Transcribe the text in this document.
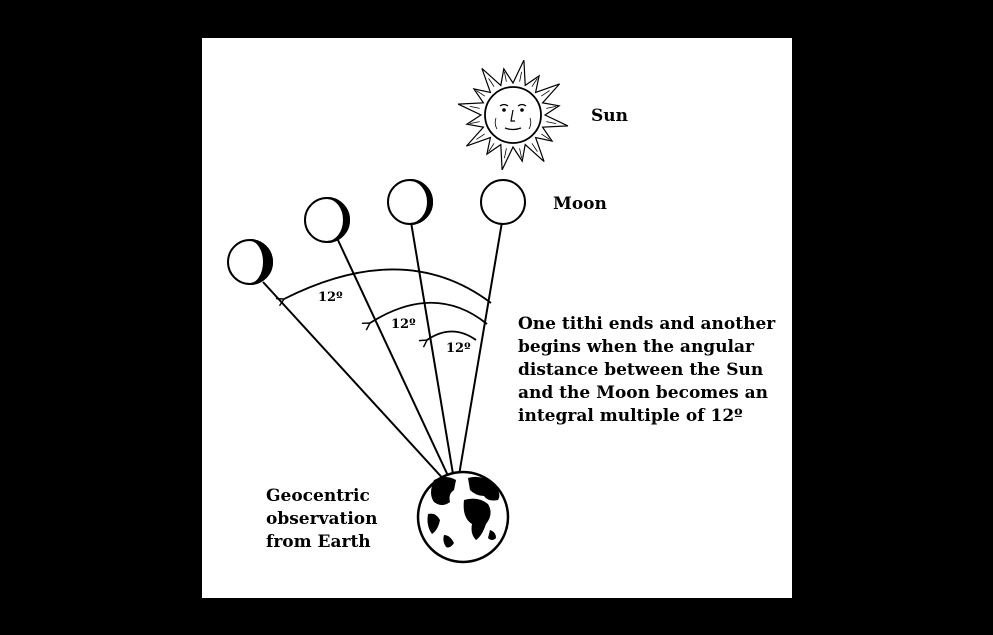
Sun
Moon
12º
12º
12º
One tithi ends and another
begins when the angular
distance between the Sun
and the Moon becomes an
integral multiple of 12º
Geocentric
observation
from Earth
